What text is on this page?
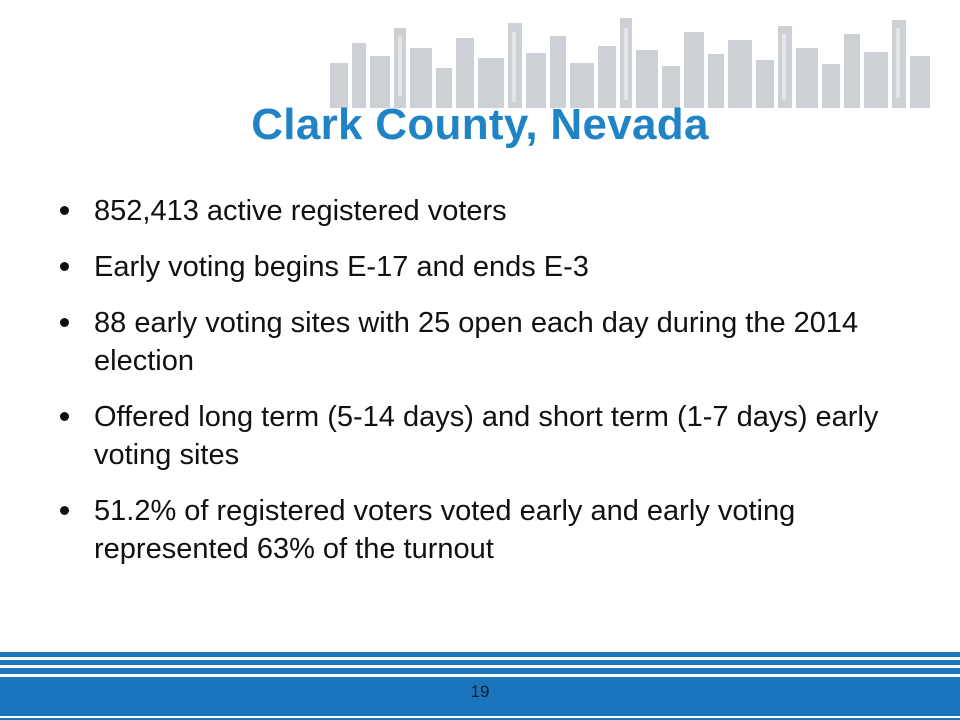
Clark County, Nevada
852,413 active registered voters
Early voting begins E-17 and ends E-3
88 early voting sites with 25 open each day during the 2014 election
Offered long term (5-14 days) and short term (1-7 days) early voting sites
51.2% of registered voters voted early and early voting represented 63% of the turnout
19
